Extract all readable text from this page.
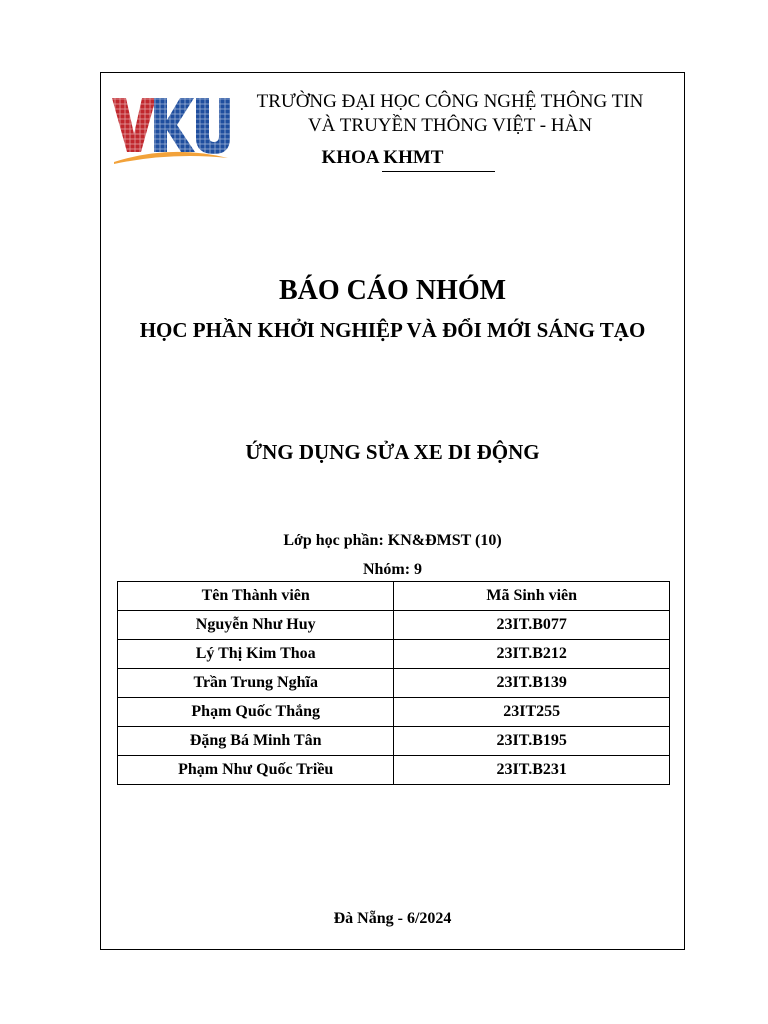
TRƯỜNG ĐẠI HỌC CÔNG NGHỆ THÔNG TIN
VÀ TRUYỀN THÔNG VIỆT - HÀN
KHOA KHMT
BÁO CÁO NHÓM
HỌC PHẦN KHỞI NGHIỆP VÀ ĐỔI MỚI SÁNG TẠO
ỨNG DỤNG SỬA XE DI ĐỘNG
Lớp học phần: KN&ĐMST (10)
Nhóm: 9
Tên Thành viên	Mã Sinh viên
Nguyễn Như Huy	23IT.B077
Lý Thị Kim Thoa	23IT.B212
Trần Trung Nghĩa	23IT.B139
Phạm Quốc Thắng	23IT255
Đặng Bá Minh Tân	23IT.B195
Phạm Như Quốc Triều	23IT.B231
Đà Nẵng - 6/2024
